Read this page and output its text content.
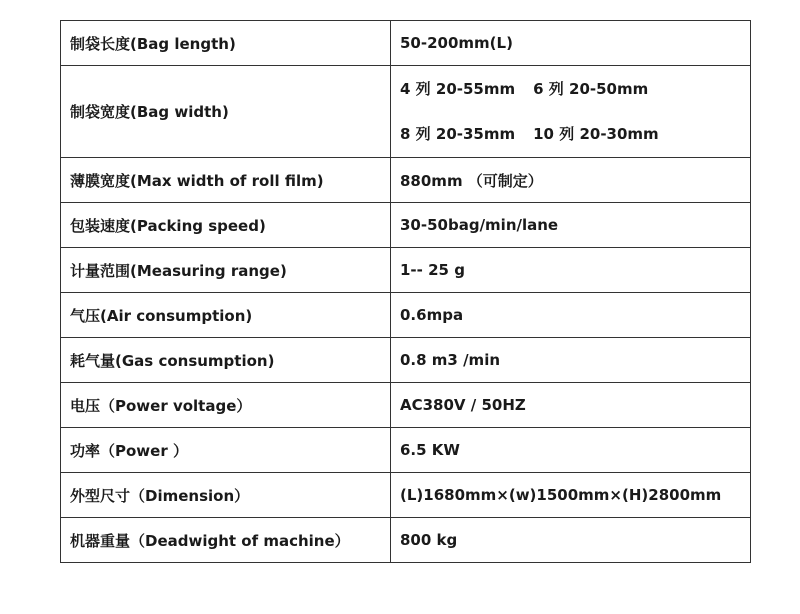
制袋长度(Bag length)	50-200mm(L)
制袋宽度(Bag width)	4 列 20-55mm 6 列 20-50mm
8 列 20-35mm 10 列 20-30mm

薄膜宽度(Max width of roll film)	880mm （可制定）
包装速度(Packing speed)	30-50bag/min/lane
计量范围(Measuring range)	1-- 25 g
气压(Air consumption)	0.6mpa
耗气量(Gas consumption)	0.8 m3 /min
电压（Power voltage）	AC380V / 50HZ
功率（Power ）	6.5 KW
外型尺寸（Dimension）	(L)1680mm×(w)1500mm×(H)2800mm
机器重量（Deadwight of machine）	800 kg
